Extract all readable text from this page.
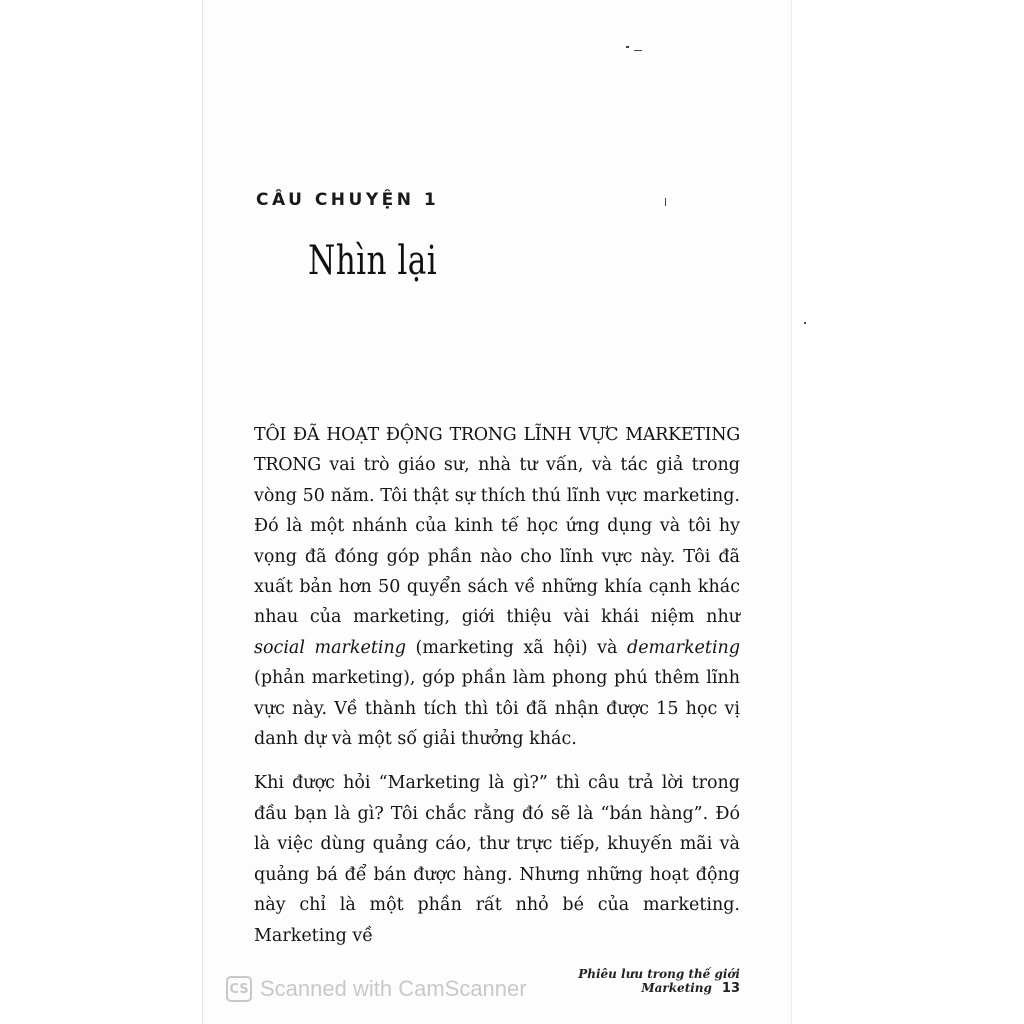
CÂU CHUYỆN 1
Nhìn lại

TÔI ĐÃ HOẠT ĐỘNG TRONG LĨNH VỰC MARKETING TRONG vai trò giáo sư, nhà tư vấn, và tác giả trong vòng 50 năm. Tôi thật sự thích thú lĩnh vực marketing. Đó là một nhánh của kinh tế học ứng dụng và tôi hy vọng đã đóng góp phần nào cho lĩnh vực này. Tôi đã xuất bản hơn 50 quyển sách về những khía cạnh khác nhau của marketing, giới thiệu vài khái niệm như social marketing (marketing xã hội) và demarketing (phản marketing), góp phần làm phong phú thêm lĩnh vực này. Về thành tích thì tôi đã nhận được 15 học vị danh dự và một số giải thưởng khác.

Khi được hỏi “Marketing là gì?” thì câu trả lời trong đầu bạn là gì? Tôi chắc rằng đó sẽ là “bán hàng”. Đó là việc dùng quảng cáo, thư trực tiếp, khuyến mãi và quảng bá để bán được hàng. Nhưng những hoạt động này chỉ là một phần rất nhỏ bé của marketing. Marketing về

CS Scanned with CamScanner
Phiêu lưu trong thế giới Marketing 13
